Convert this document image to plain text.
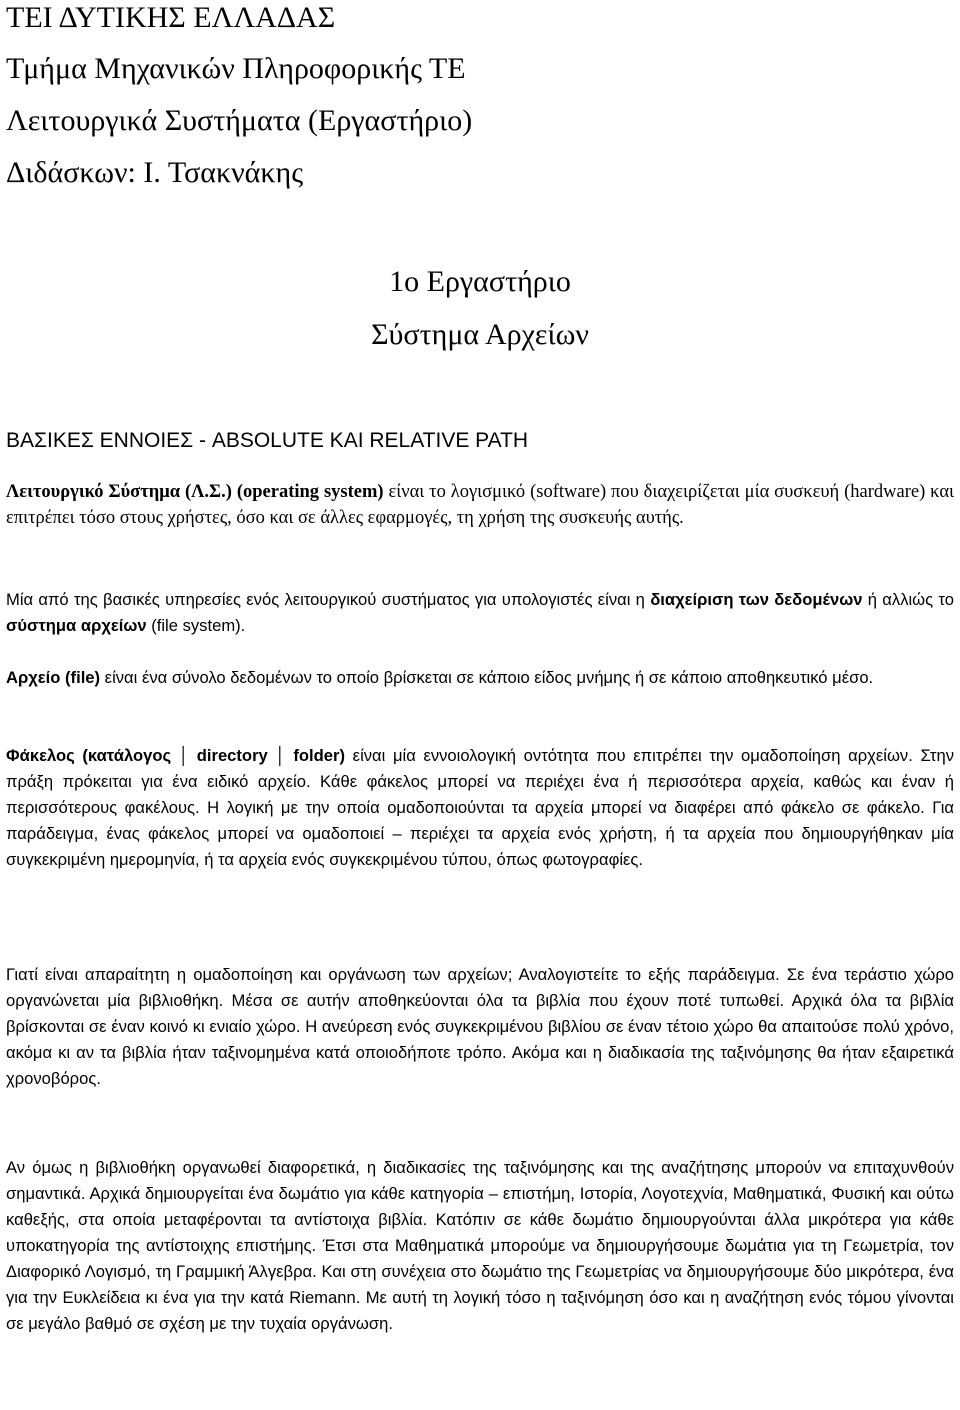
ΤΕΙ ΔΥΤΙΚΗΣ ΕΛΛΑΔΑΣ

Τμήμα Μηχανικών Πληροφορικής ΤΕ

Λειτουργικά Συστήματα (Εργαστήριο)

Διδάσκων: Ι. Τσακνάκης

1ο Εργαστήριο

Σύστημα Αρχείων

ΒΑΣΙΚΕΣ ΕΝΝΟΙΕΣ - ABSOLUTE ΚΑΙ RELATIVE PATH

Λειτουργικό Σύστημα (Λ.Σ.) (operating system) είναι το λογισμικό (software) που διαχειρίζεται μία συσκευή (hardware) και επιτρέπει τόσο στους χρήστες, όσο και σε άλλες εφαρμογές, τη χρήση της συσκευής αυτής.

Μία από της βασικές υπηρεσίες ενός λειτουργικού συστήματος για υπολογιστές είναι η διαχείριση των δεδομένων ή αλλιώς το σύστημα αρχείων (file system).

Αρχείο (file) είναι ένα σύνολο δεδομένων το οποίο βρίσκεται σε κάποιο είδος μνήμης ή σε κάποιο αποθηκευτικό μέσο.

Φάκελος (κατάλογος │ directory │ folder) είναι μία εννοιολογική οντότητα που επιτρέπει την ομαδοποίηση αρχείων. Στην πράξη πρόκειται για ένα ειδικό αρχείο. Κάθε φάκελος μπορεί να περιέχει ένα ή περισσότερα αρχεία, καθώς και έναν ή περισσότερους φακέλους. Η λογική με την οποία ομαδοποιούνται τα αρχεία μπορεί να διαφέρει από φάκελο σε φάκελο. Για παράδειγμα, ένας φάκελος μπορεί να ομαδοποιεί – περιέχει τα αρχεία ενός χρήστη, ή τα αρχεία που δημιουργήθηκαν μία συγκεκριμένη ημερομηνία, ή τα αρχεία ενός συγκεκριμένου τύπου, όπως φωτογραφίες.

Γιατί είναι απαραίτητη η ομαδοποίηση και οργάνωση των αρχείων; Αναλογιστείτε το εξής παράδειγμα. Σε ένα τεράστιο χώρο οργανώνεται μία βιβλιοθήκη. Μέσα σε αυτήν αποθηκεύονται όλα τα βιβλία που έχουν ποτέ τυπωθεί. Αρχικά όλα τα βιβλία βρίσκονται σε έναν κοινό κι ενιαίο χώρο. Η ανεύρεση ενός συγκεκριμένου βιβλίου σε έναν τέτοιο χώρο θα απαιτούσε πολύ χρόνο, ακόμα κι αν τα βιβλία ήταν ταξινομημένα κατά οποιοδήποτε τρόπο. Ακόμα και η διαδικασία της ταξινόμησης θα ήταν εξαιρετικά χρονοβόρος.

Αν όμως η βιβλιοθήκη οργανωθεί διαφορετικά, η διαδικασίες της ταξινόμησης και της αναζήτησης μπορούν να επιταχυνθούν σημαντικά. Αρχικά δημιουργείται ένα δωμάτιο για κάθε κατηγορία – επιστήμη, Ιστορία, Λογοτεχνία, Μαθηματικά, Φυσική και ούτω καθεξής, στα οποία μεταφέρονται τα αντίστοιχα βιβλία. Κατόπιν σε κάθε δωμάτιο δημιουργούνται άλλα μικρότερα για κάθε υποκατηγορία της αντίστοιχης επιστήμης. Έτσι στα Μαθηματικά μπορούμε να δημιουργήσουμε δωμάτια για τη Γεωμετρία, τον Διαφορικό Λογισμό, τη Γραμμική Άλγεβρα. Και στη συνέχεια στο δωμάτιο της Γεωμετρίας να δημιουργήσουμε δύο μικρότερα, ένα για την Ευκλείδεια κι ένα για την κατά Riemann. Με αυτή τη λογική τόσο η ταξινόμηση όσο και η αναζήτηση ενός τόμου γίνονται σε μεγάλο βαθμό σε σχέση με την τυχαία οργάνωση.
